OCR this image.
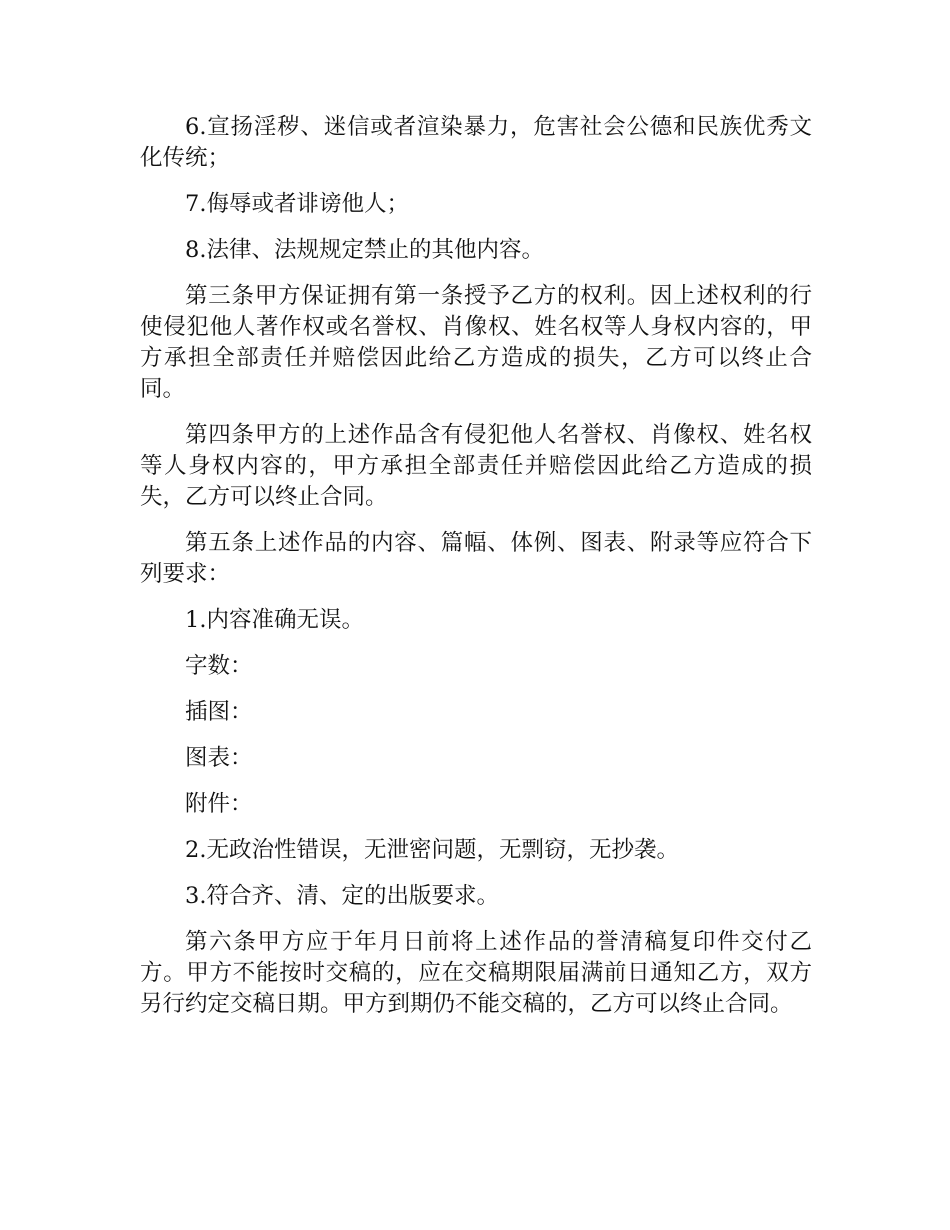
6.宣扬淫秽、迷信或者渲染暴力，危害社会公德和民族优秀文化传统；

7.侮辱或者诽谤他人；

8.法律、法规规定禁止的其他内容。

第三条甲方保证拥有第一条授予乙方的权利。因上述权利的行使侵犯他人著作权或名誉权、肖像权、姓名权等人身权内容的，甲方承担全部责任并赔偿因此给乙方造成的损失，乙方可以终止合同。

第四条甲方的上述作品含有侵犯他人名誉权、肖像权、姓名权等人身权内容的，甲方承担全部责任并赔偿因此给乙方造成的损失，乙方可以终止合同。

第五条上述作品的内容、篇幅、体例、图表、附录等应符合下列要求：

1.内容准确无误。

字数：

插图：

图表：

附件：

2.无政治性错误，无泄密问题，无剽窃，无抄袭。

3.符合齐、清、定的出版要求。

第六条甲方应于年月日前将上述作品的誉清稿复印件交付乙方。甲方不能按时交稿的，应在交稿期限届满前日通知乙方，双方另行约定交稿日期。甲方到期仍不能交稿的，乙方可以终止合同。
